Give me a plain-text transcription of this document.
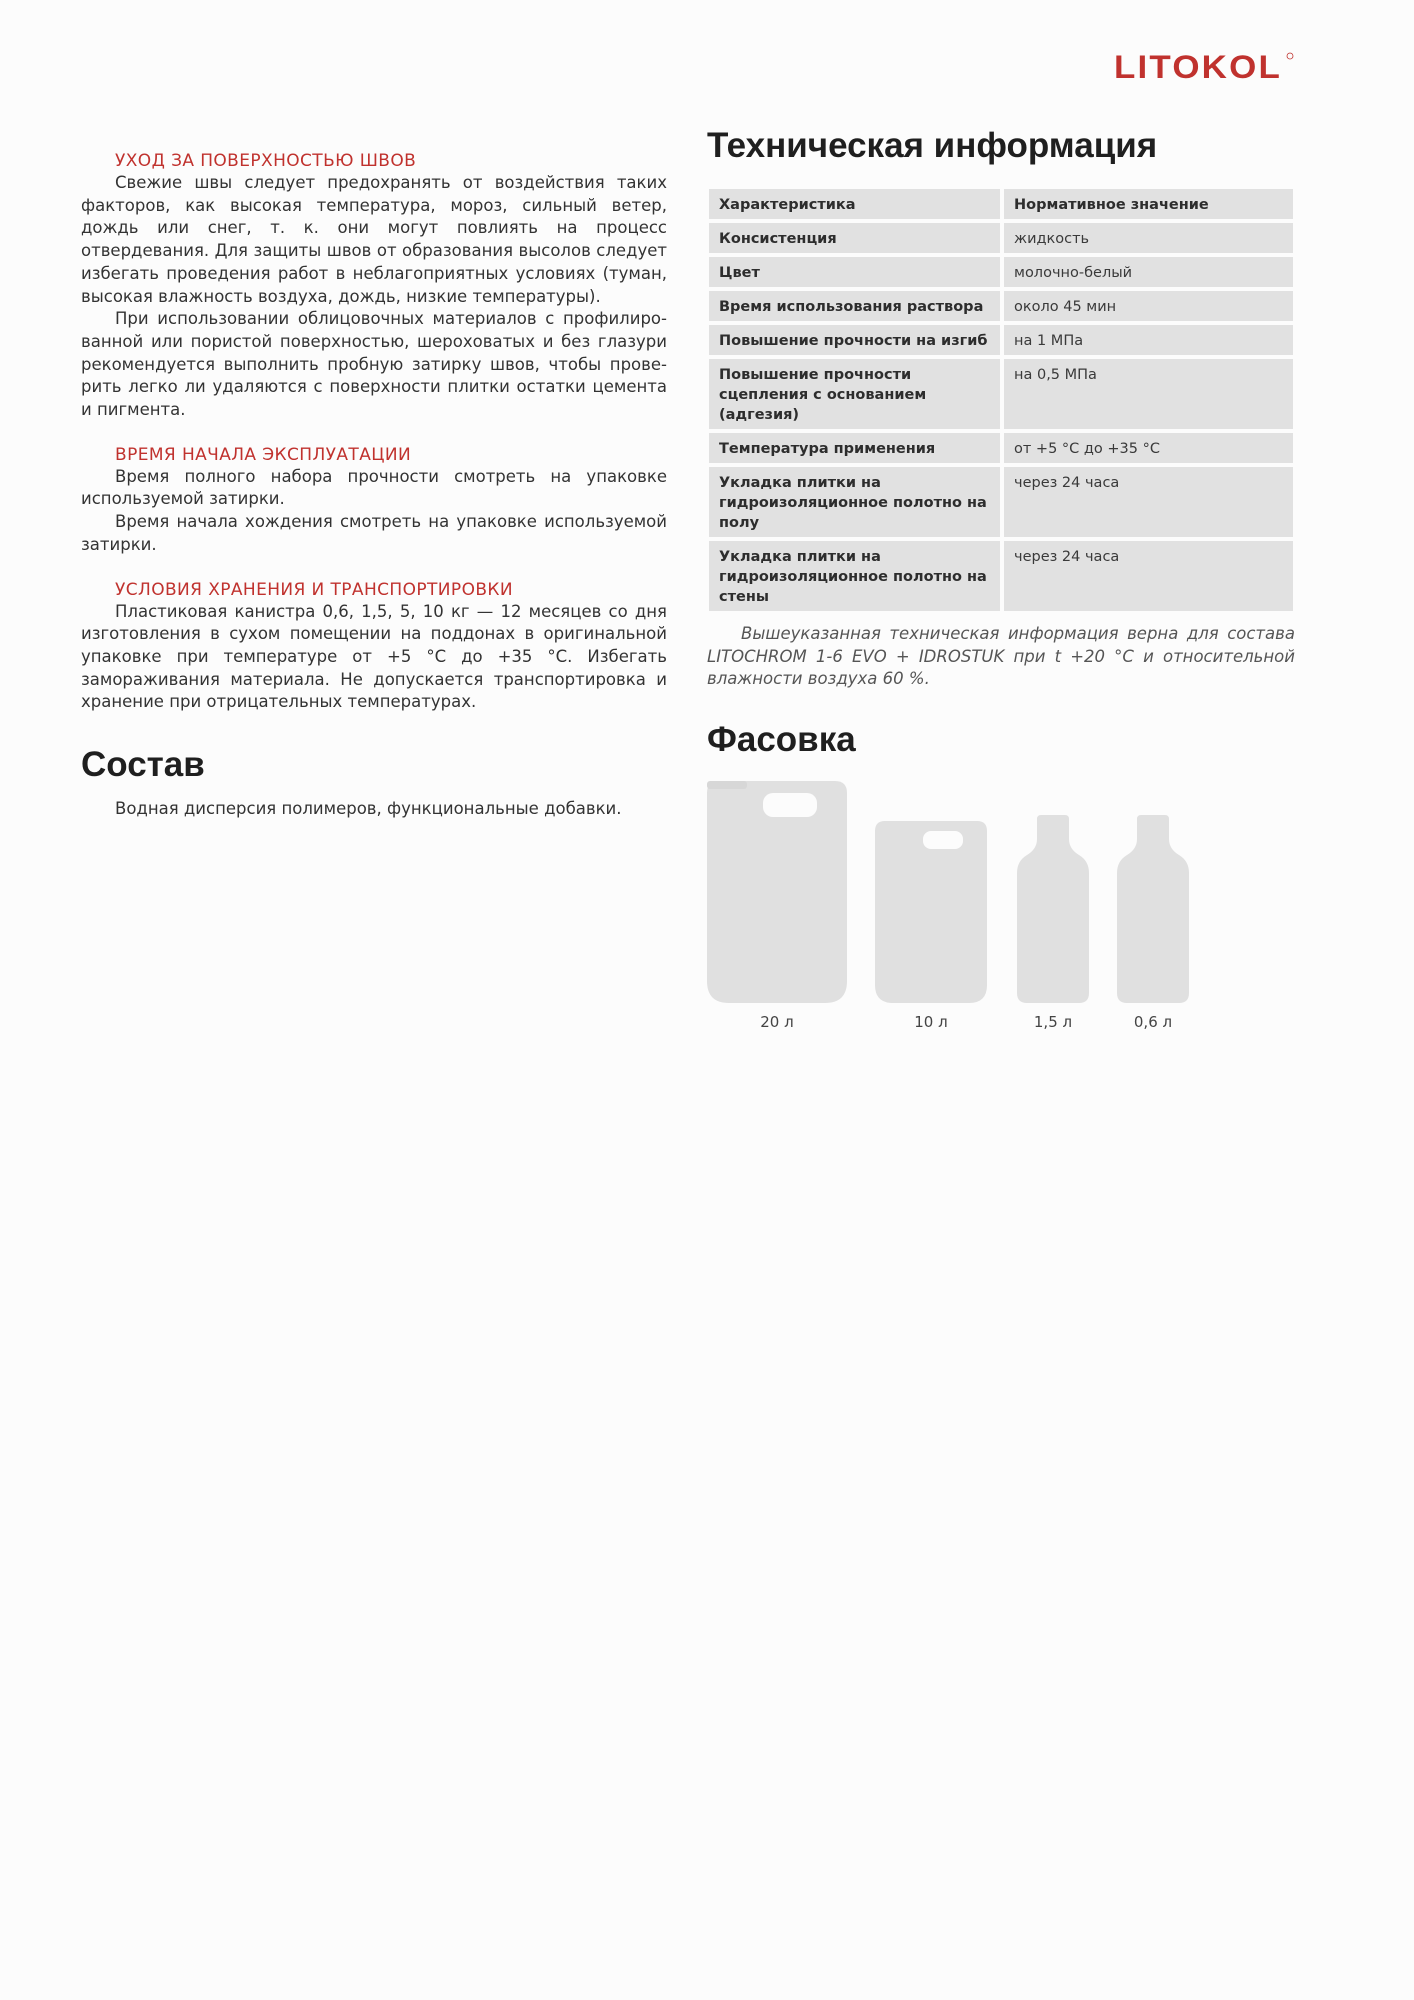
LITOKOL
УХОД ЗА ПОВЕРХНОСТЬЮ ШВОВ

Свежие швы следует предохранять от воздействия таких факторов, как высокая температура, мороз, сильный ветер, дождь или снег, т. к. они могут повлиять на процесс отвердевания. Для защиты швов от образования высолов следует избегать проведения работ в неблагоприятных условиях (туман, высокая влажность воздуха, дождь, низкие температуры).

При использовании облицовочных материалов с профилированной или пористой поверхностью, шероховатых и без глазури рекомендуется выполнить пробную затирку швов, чтобы проверить легко ли удаляются с поверхности плитки остатки цемента и пигмента.

ВРЕМЯ НАЧАЛА ЭКСПЛУАТАЦИИ

Время полного набора прочности смотреть на упаковке используемой затирки.

Время начала хождения смотреть на упаковке используемой затирки.

УСЛОВИЯ ХРАНЕНИЯ И ТРАНСПОРТИРОВКИ

Пластиковая канистра 0,6, 1,5, 5, 10 кг — 12 месяцев со дня изготовления в сухом помещении на поддонах в оригинальной упаковке при температуре от +5 °С до +35 °С. Избегать замораживания материала. Не допускается транспортировка и хранение при отрицательных температурах.

Состав

Водная дисперсия полимеров, функциональные добавки.

Техническая информация
Характеристика	Нормативное значение
Консистенция	жидкость
Цвет	молочно-белый
Время использования раствора	около 45 мин
Повышение прочности на изгиб	на 1 МПа
Повышение прочности сцепления с основанием (адгезия)	на 0,5 МПа
Температура применения	от +5 °С до +35 °С
Укладка плитки на гидроизоляционное полотно на полу	через 24 часа
Укладка плитки на гидроизоляционное полотно на стены	через 24 часа

Вышеуказанная техническая информация верна для состава LITOCHROM 1-6 EVO + IDROSTUK при t +20 °С и относительной влажности воздуха 60 %.

Фасовка
20 л	10 л	1,5 л	0,6 л
